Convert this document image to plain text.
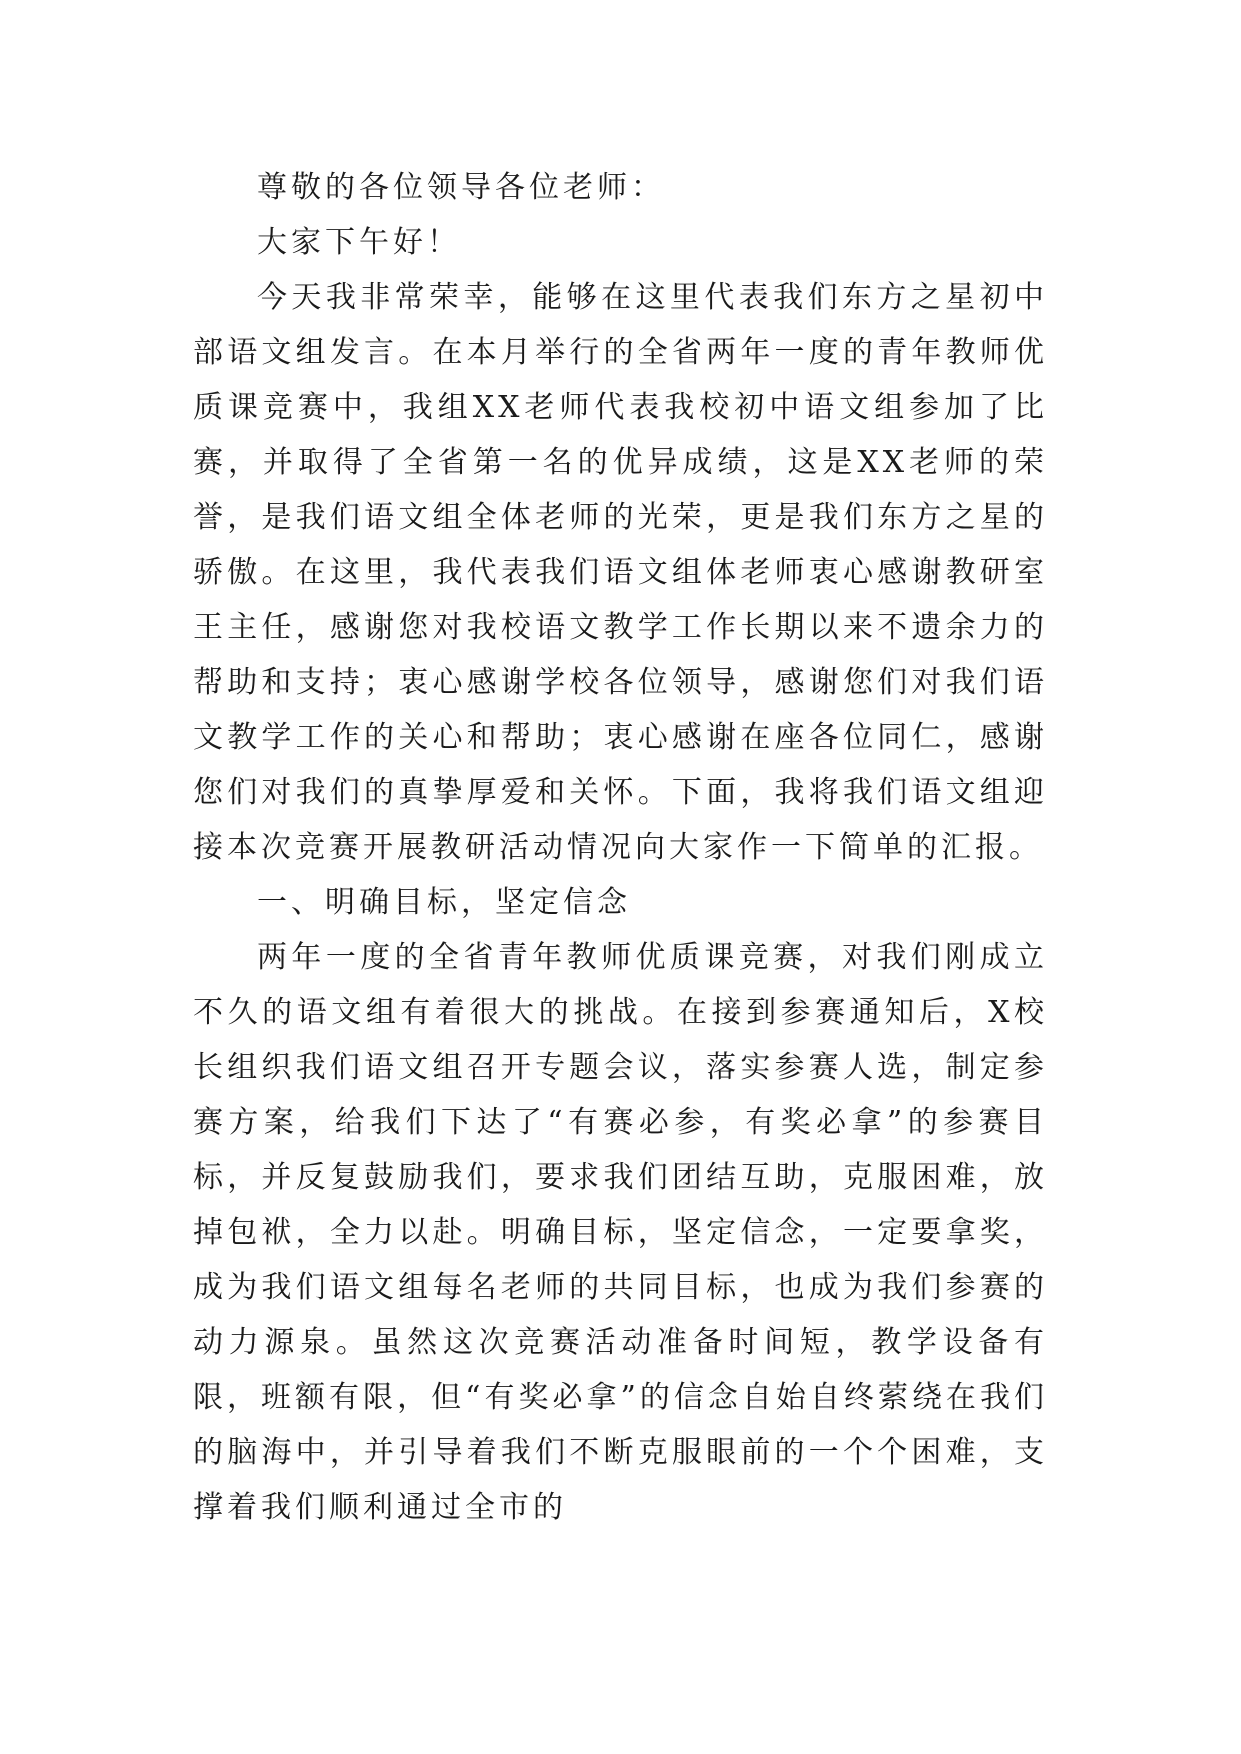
尊敬的各位领导各位老师：

大家下午好！

今天我非常荣幸，能够在这里代表我们东方之星初中部语文组发言。在本月举行的全省两年一度的青年教师优质课竞赛中，我组XX老师代表我校初中语文组参加了比赛，并取得了全省第一名的优异成绩，这是XX老师的荣誉，是我们语文组全体老师的光荣，更是我们东方之星的骄傲。在这里，我代表我们语文组体老师衷心感谢教研室王主任，感谢您对我校语文教学工作长期以来不遗余力的帮助和支持；衷心感谢学校各位领导，感谢您们对我们语文教学工作的关心和帮助；衷心感谢在座各位同仁，感谢您们对我们的真挚厚爱和关怀。下面，我将我们语文组迎接本次竞赛开展教研活动情况向大家作一下简单的汇报。

一、明确目标，坚定信念

两年一度的全省青年教师优质课竞赛，对我们刚成立不久的语文组有着很大的挑战。在接到参赛通知后，X校长组织我们语文组召开专题会议，落实参赛人选，制定参赛方案，给我们下达了“有赛必参，有奖必拿”的参赛目标，并反复鼓励我们，要求我们团结互助，克服困难，放掉包袱，全力以赴。明确目标，坚定信念，一定要拿奖，成为我们语文组每名老师的共同目标，也成为我们参赛的动力源泉。虽然这次竞赛活动准备时间短，教学设备有限，班额有限，但“有奖必拿”的信念自始自终萦绕在我们的脑海中，并引导着我们不断克服眼前的一个个困难，支撑着我们顺利通过全市的
